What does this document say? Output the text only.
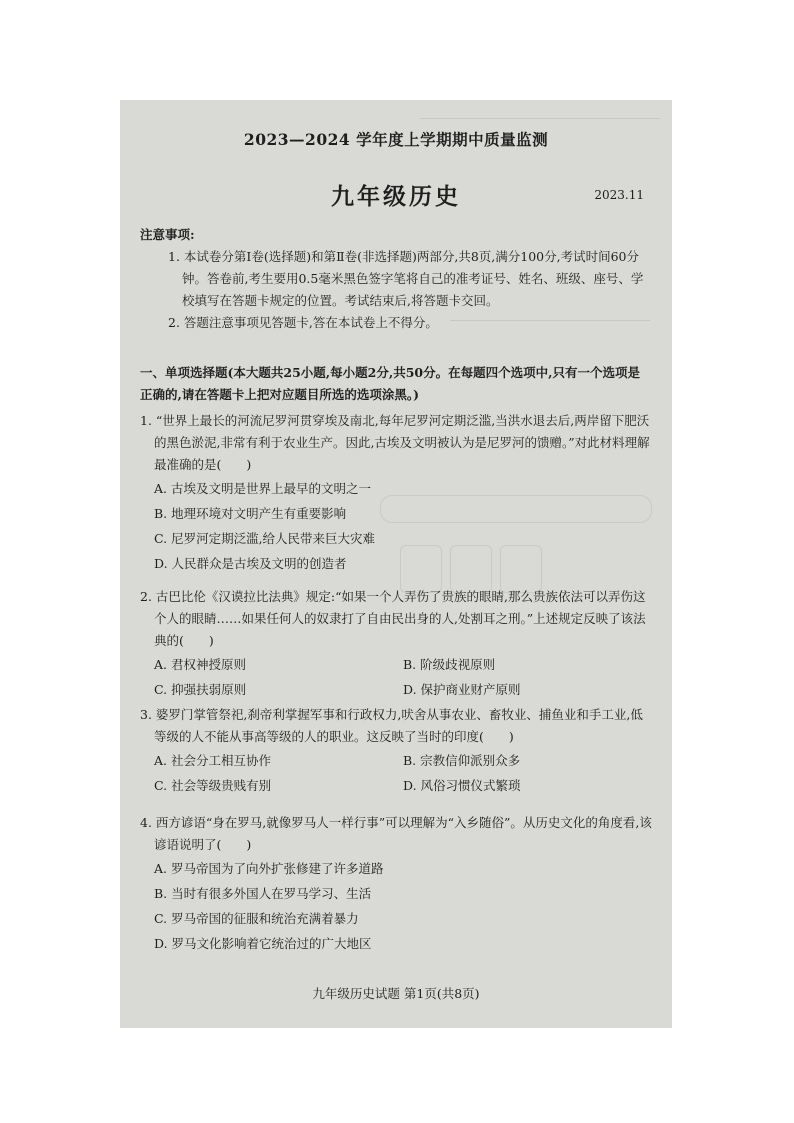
2023—2024 学年度上学期期中质量监测
九年级历史	2023.11
注意事项:

1. 本试卷分第Ⅰ卷(选择题)和第Ⅱ卷(非选择题)两部分,共8页,满分100分,考试时间60分钟。答卷前,考生要用0.5毫米黑色签字笔将自己的准考证号、姓名、班级、座号、学校填写在答题卡规定的位置。考试结束后,将答题卡交回。

2. 答题注意事项见答题卡,答在本试卷上不得分。

一、单项选择题(本大题共25小题,每小题2分,共50分。在每题四个选项中,只有一个选项是正确的,请在答题卡上把对应题目所选的选项涂黑。)

1. “世界上最长的河流尼罗河贯穿埃及南北,每年尼罗河定期泛滥,当洪水退去后,两岸留下肥沃的黑色淤泥,非常有利于农业生产。因此,古埃及文明被认为是尼罗河的馈赠。”对此材料理解最准确的是(　　)

A. 古埃及文明是世界上最早的文明之一

B. 地理环境对文明产生有重要影响

C. 尼罗河定期泛滥,给人民带来巨大灾难

D. 人民群众是古埃及文明的创造者

2. 古巴比伦《汉谟拉比法典》规定:“如果一个人弄伤了贵族的眼睛,那么贵族依法可以弄伤这个人的眼睛……如果任何人的奴隶打了自由民出身的人,处割耳之刑。”上述规定反映了该法典的(　　)

A. 君权神授原则	B. 阶级歧视原则

C. 抑强扶弱原则	D. 保护商业财产原则

3. 婆罗门掌管祭祀,刹帝利掌握军事和行政权力,吠舍从事农业、畜牧业、捕鱼业和手工业,低等级的人不能从事高等级的人的职业。这反映了当时的印度(　　)

A. 社会分工相互协作	B. 宗教信仰派别众多

C. 社会等级贵贱有别	D. 风俗习惯仪式繁琐

4. 西方谚语“身在罗马,就像罗马人一样行事”可以理解为“入乡随俗”。从历史文化的角度看,该谚语说明了(　　)

A. 罗马帝国为了向外扩张修建了许多道路

B. 当时有很多外国人在罗马学习、生活

C. 罗马帝国的征服和统治充满着暴力

D. 罗马文化影响着它统治过的广大地区

九年级历史试题 第1页(共8页)
